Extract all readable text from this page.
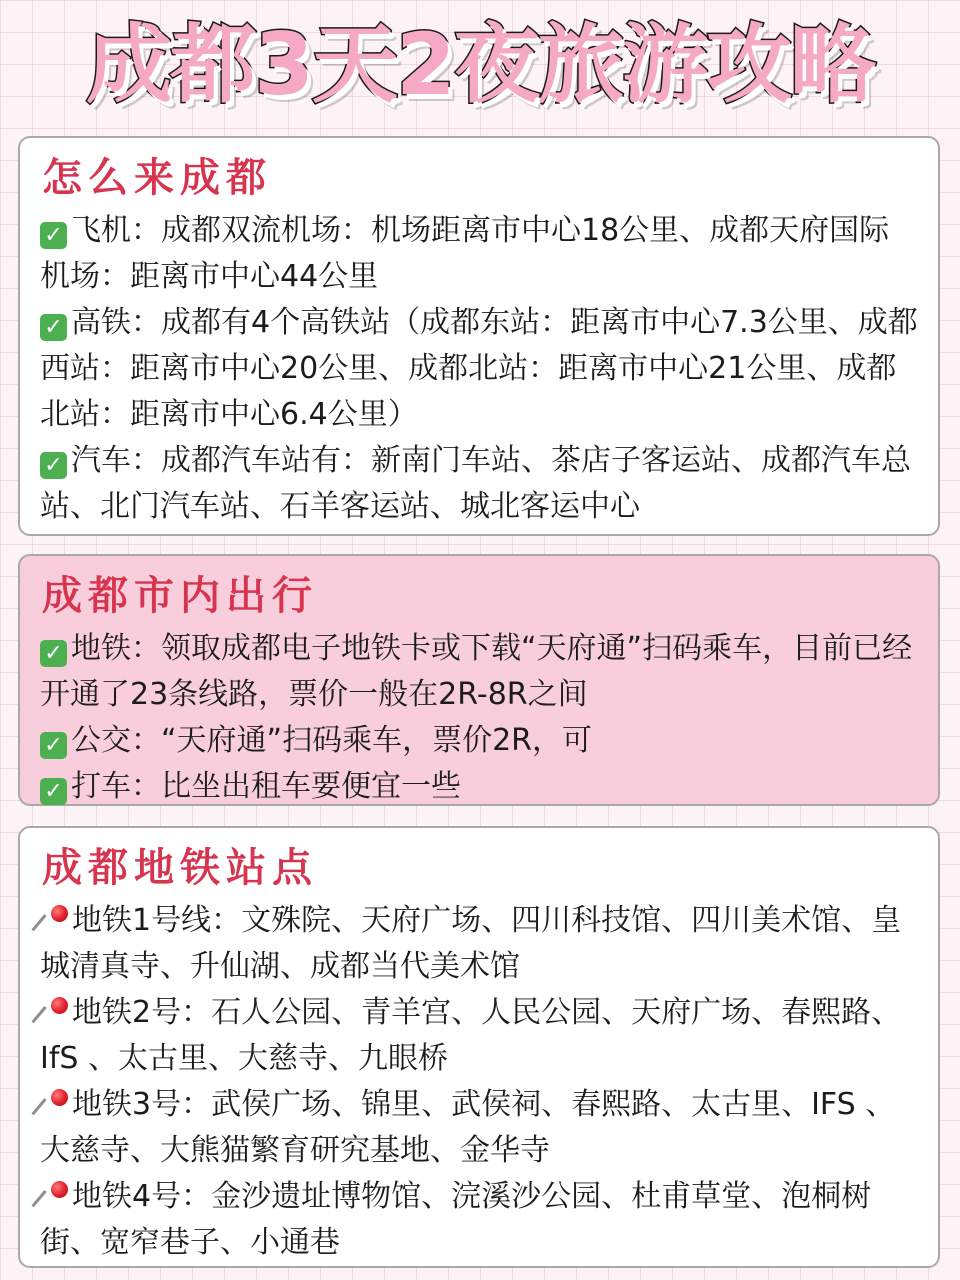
成都3天2夜旅游攻略
怎么来成都

✓ 飞机：成都双流机场：机场距离市中心18公里、成都天府国际机场：距离市中心44公里

✓ 高铁：成都有4个高铁站（成都东站：距离市中心7.3公里、成都西站：距离市中心20公里、成都北站：距离市中心21公里、成都北站：距离市中心6.4公里）

✓ 汽车：成都汽车站有：新南门车站、茶店子客运站、成都汽车总站、北门汽车站、石羊客运站、城北客运中心

成都市内出行

✓ 地铁：领取成都电子地铁卡或下载“天府通”扫码乘车，目前已经开通了23条线路，票价一般在2R-8R之间

✓ 公交：“天府通”扫码乘车，票价2R，可

✓ 打车：比坐出租车要便宜一些

成都地铁站点

地铁1号线：文殊院、天府广场、四川科技馆、四川美术馆、皇城清真寺、升仙湖、成都当代美术馆

地铁2号：石人公园、青羊宫、人民公园、天府广场、春熙路、 IfS 、太古里、大慈寺、九眼桥

地铁3号：武侯广场、锦里、武侯祠、春熙路、太古里、IFS 、大慈寺、大熊猫繁育研究基地、金华寺

地铁4号：金沙遗址博物馆、浣溪沙公园、杜甫草堂、泡桐树街、宽窄巷子、小通巷
